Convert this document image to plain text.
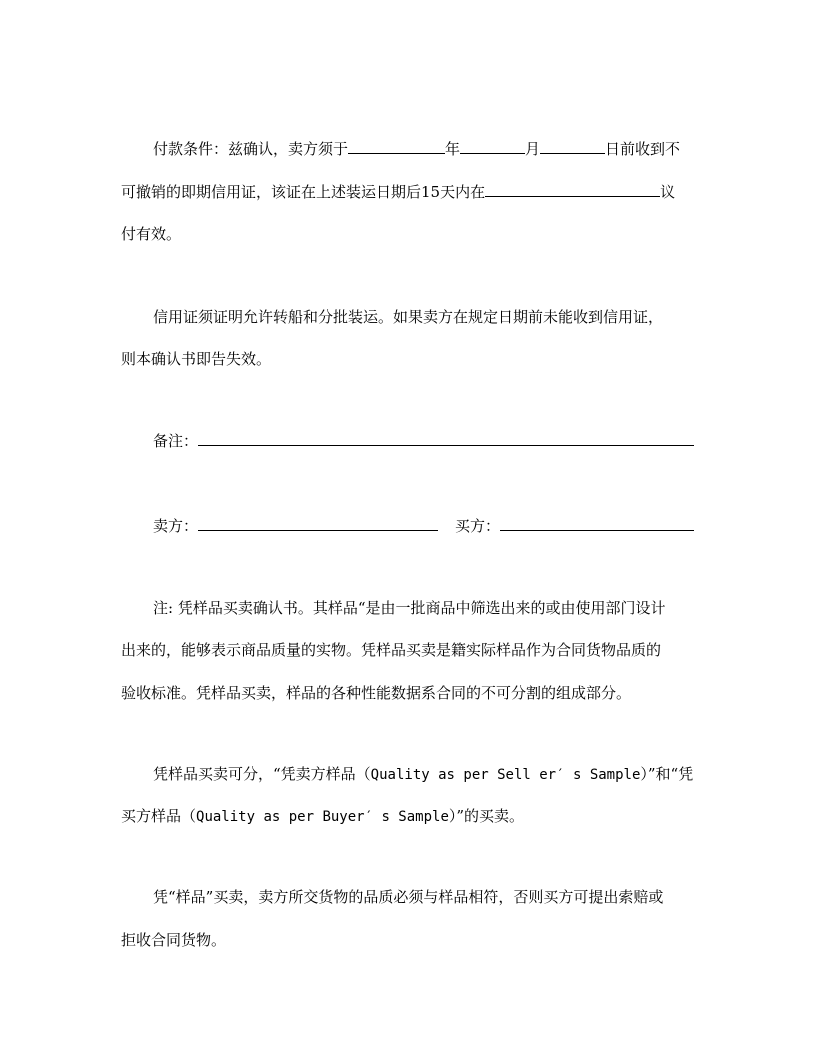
付款条件：兹确认，卖方须于	年	月	日前收到不
可撤销的即期信用证，该证在上述装运日期后15天内在	议
付有效。
信用证须证明允许转船和分批装运。如果卖方在规定日期前未能收到信用证，
则本确认书即告失效。
备注：
卖方：	买方：
注: 凭样品买卖确认书。其样品“是由一批商品中筛选出来的或由使用部门设计
出来的，能够表示商品质量的实物。凭样品买卖是籍实际样品作为合同货物品质的
验收标准。凭样品买卖，样品的各种性能数据系合同的不可分割的组成部分。
凭样品买卖可分，“凭卖方样品（Quality as per Sell er′ s Sample）”和“凭
买方样品（Quality as per Buyer′ s Sample）”的买卖。
凭“样品”买卖，卖方所交货物的品质必须与样品相符，否则买方可提出索赔或
拒收合同货物。
